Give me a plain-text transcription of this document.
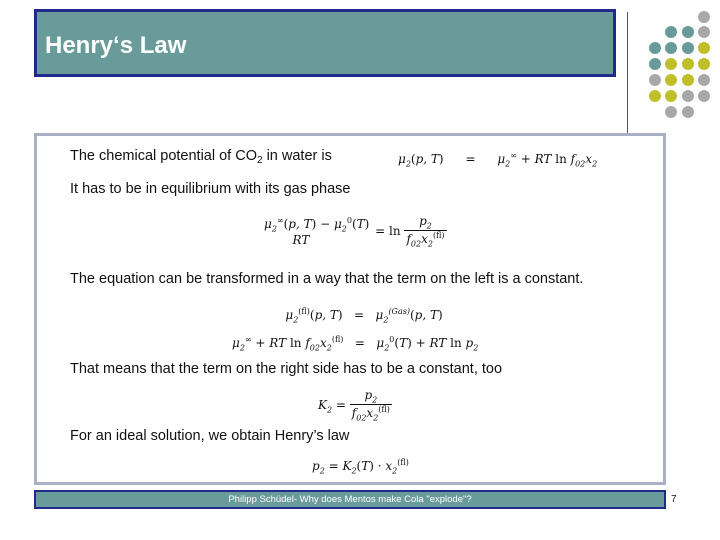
Henry‘s Law
The chemical potential of $CO_2$ in water is	$\mu_2(p$, $T) = \mu_2^\infty$ + RT $\ln f_{02}x_2$
It has to be in equilibrium with its gas phase
$\mu_2^\infty(p$, $T) - \mu_2^0(T)$
RT
= $\ln \frac{p_2}{f_{02}x_2^{(fl)}}$
The equation can be transformed in a way that the term on the left is a constant.
$\mu_2^{(fl)}(p$, $T) = \mu_2^{(Gas)}(p$, T)
$\mu_2^\infty$ + RT $\ln f_{02}x_2^{(fl)} = \mu_2^0(T)$ + RT $\ln p_2$
That means that the term on the right side has to be a constant, too
$K_2 = \frac{p_2}{f_{02}x_2^{(fl)}}$
For an ideal solution, we obtain Henry’s law
$p_2 = K_2(T) \cdot x_2^{(fl)}$
Philipp Schüdel- Why does Mentos make Cola "explode"?	7
